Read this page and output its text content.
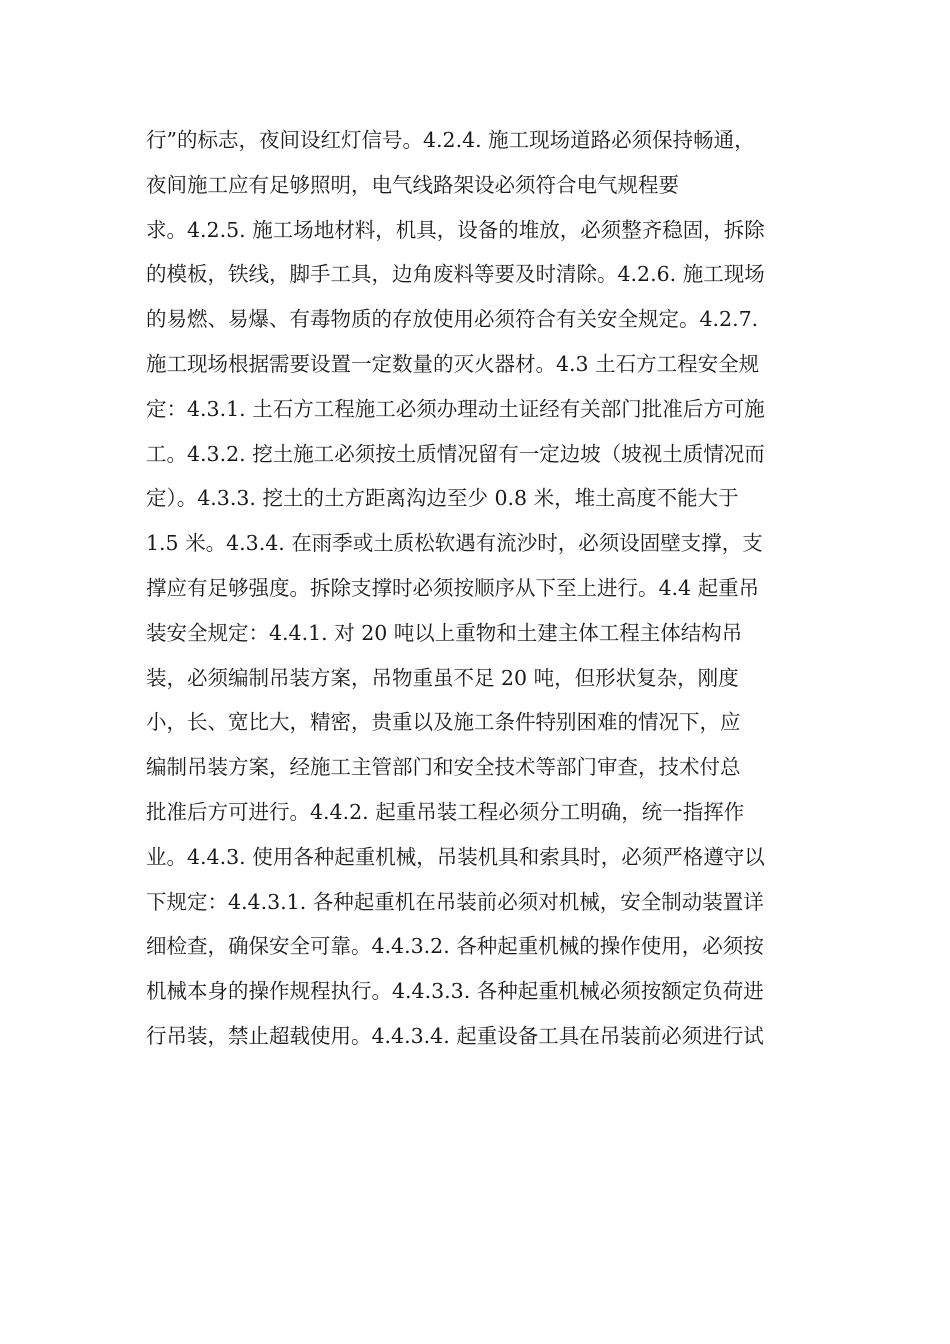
行”的标志，夜间设红灯信号。4.2.4. 施工现场道路必须保持畅通，
夜间施工应有足够照明，电气线路架设必须符合电气规程要
求。4.2.5. 施工场地材料，机具，设备的堆放，必须整齐稳固，拆除
的模板，铁线，脚手工具，边角废料等要及时清除。4.2.6. 施工现场
的易燃、易爆、有毒物质的存放使用必须符合有关安全规定。4.2.7.
施工现场根据需要设置一定数量的灭火器材。4.3 土石方工程安全规
定：4.3.1. 土石方工程施工必须办理动土证经有关部门批准后方可施
工。4.3.2. 挖土施工必须按土质情况留有一定边坡（坡视土质情况而
定）。4.3.3. 挖土的土方距离沟边至少 0.8 米，堆土高度不能大于
1.5 米。4.3.4. 在雨季或土质松软遇有流沙时，必须设固壁支撑，支
撑应有足够强度。拆除支撑时必须按顺序从下至上进行。4.4 起重吊
装安全规定：4.4.1. 对 20 吨以上重物和土建主体工程主体结构吊
装，必须编制吊装方案，吊物重虽不足 20 吨，但形状复杂，刚度
小，长、宽比大，精密，贵重以及施工条件特别困难的情况下，应
编制吊装方案，经施工主管部门和安全技术等部门审查，技术付总
批准后方可进行。4.4.2. 起重吊装工程必须分工明确，统一指挥作
业。4.4.3. 使用各种起重机械，吊装机具和索具时，必须严格遵守以
下规定：4.4.3.1. 各种起重机在吊装前必须对机械，安全制动装置详
细检查，确保安全可靠。4.4.3.2. 各种起重机械的操作使用，必须按
机械本身的操作规程执行。4.4.3.3. 各种起重机械必须按额定负荷进
行吊装，禁止超载使用。4.4.3.4. 起重设备工具在吊装前必须进行试
